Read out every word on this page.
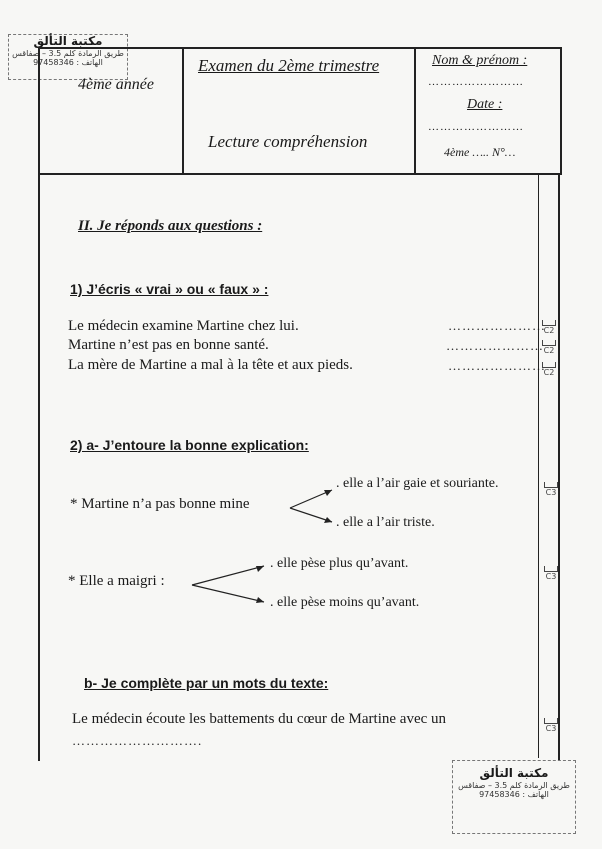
مكتبة التألق
طريق الرمادة كلم 3.5 – صفاقس
الهاتف : 97458346
4ème année
Examen du 2ème trimestre
Lecture compréhension
Nom & prénom :
……………………
Date :
……………………
4ème ….. N°…
II. Je réponds aux questions :
1) J’écris « vrai » ou « faux » :
Le médecin examine Martine chez lui.	…………………
C2
Martine n’est pas en bonne santé.	………………… C2
La mère de Martine a mal à la tête et aux pieds.	…………………
C2
2) a- J’entoure la bonne explication:
* Martine n’a pas bonne mine
. elle a l’air gaie et souriante.
. elle a l’air triste.
C3
* Elle a maigri :
. elle pèse plus qu’avant.
. elle pèse moins qu’avant.
C3
b- Je complète par un mots du texte:
Le médecin écoute les battements du cœur de Martine avec un
……………………….
C3
مكتبة التألق
طريق الرمادة كلم 3.5 – صفاقس
الهاتف : 97458346
